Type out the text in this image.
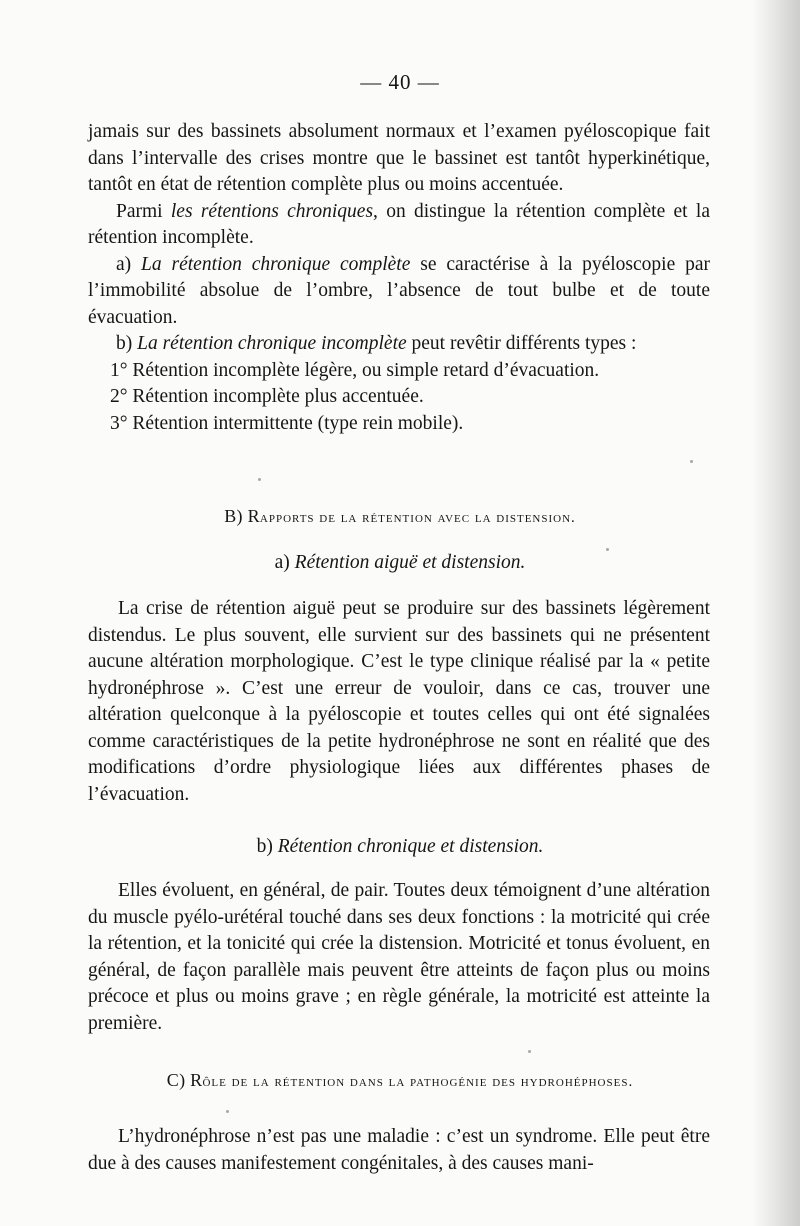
— 40 —

jamais sur des bassinets absolument normaux et l’examen pyéloscopique fait dans l’intervalle des crises montre que le bassinet est tantôt hyperkinétique, tantôt en état de rétention complète plus ou moins accentuée.

Parmi les rétentions chroniques, on distingue la rétention complète et la rétention incomplète.

a) La rétention chronique complète se caractérise à la pyéloscopie par l’immobilité absolue de l’ombre, l’absence de tout bulbe et de toute évacuation.

b) La rétention chronique incomplète peut revêtir différents types :

1° Rétention incomplète légère, ou simple retard d’évacuation.

2° Rétention incomplète plus accentuée.

3° Rétention intermittente (type rein mobile).

B) Rapports de la rétention avec la distension.
a) Rétention aiguë et distension.

La crise de rétention aiguë peut se produire sur des bassinets légèrement distendus. Le plus souvent, elle survient sur des bassinets qui ne présentent aucune altération morphologique. C’est le type clinique réalisé par la « petite hydronéphrose ». C’est une erreur de vouloir, dans ce cas, trouver une altération quelconque à la pyéloscopie et toutes celles qui ont été signalées comme caractéristiques de la petite hydronéphrose ne sont en réalité que des modifications d’ordre physiologique liées aux différentes phases de l’évacuation.

b) Rétention chronique et distension.

Elles évoluent, en général, de pair. Toutes deux témoignent d’une altération du muscle pyélo-urétéral touché dans ses deux fonctions : la motricité qui crée la rétention, et la tonicité qui crée la distension. Motricité et tonus évoluent, en général, de façon parallèle mais peuvent être atteints de façon plus ou moins précoce et plus ou moins grave ; en règle générale, la motricité est atteinte la première.

C) Rôle de la rétention dans la pathogénie des hydrohéphoses.

L’hydronéphrose n’est pas une maladie : c’est un syndrome. Elle peut être due à des causes manifestement congénitales, à des causes mani-
